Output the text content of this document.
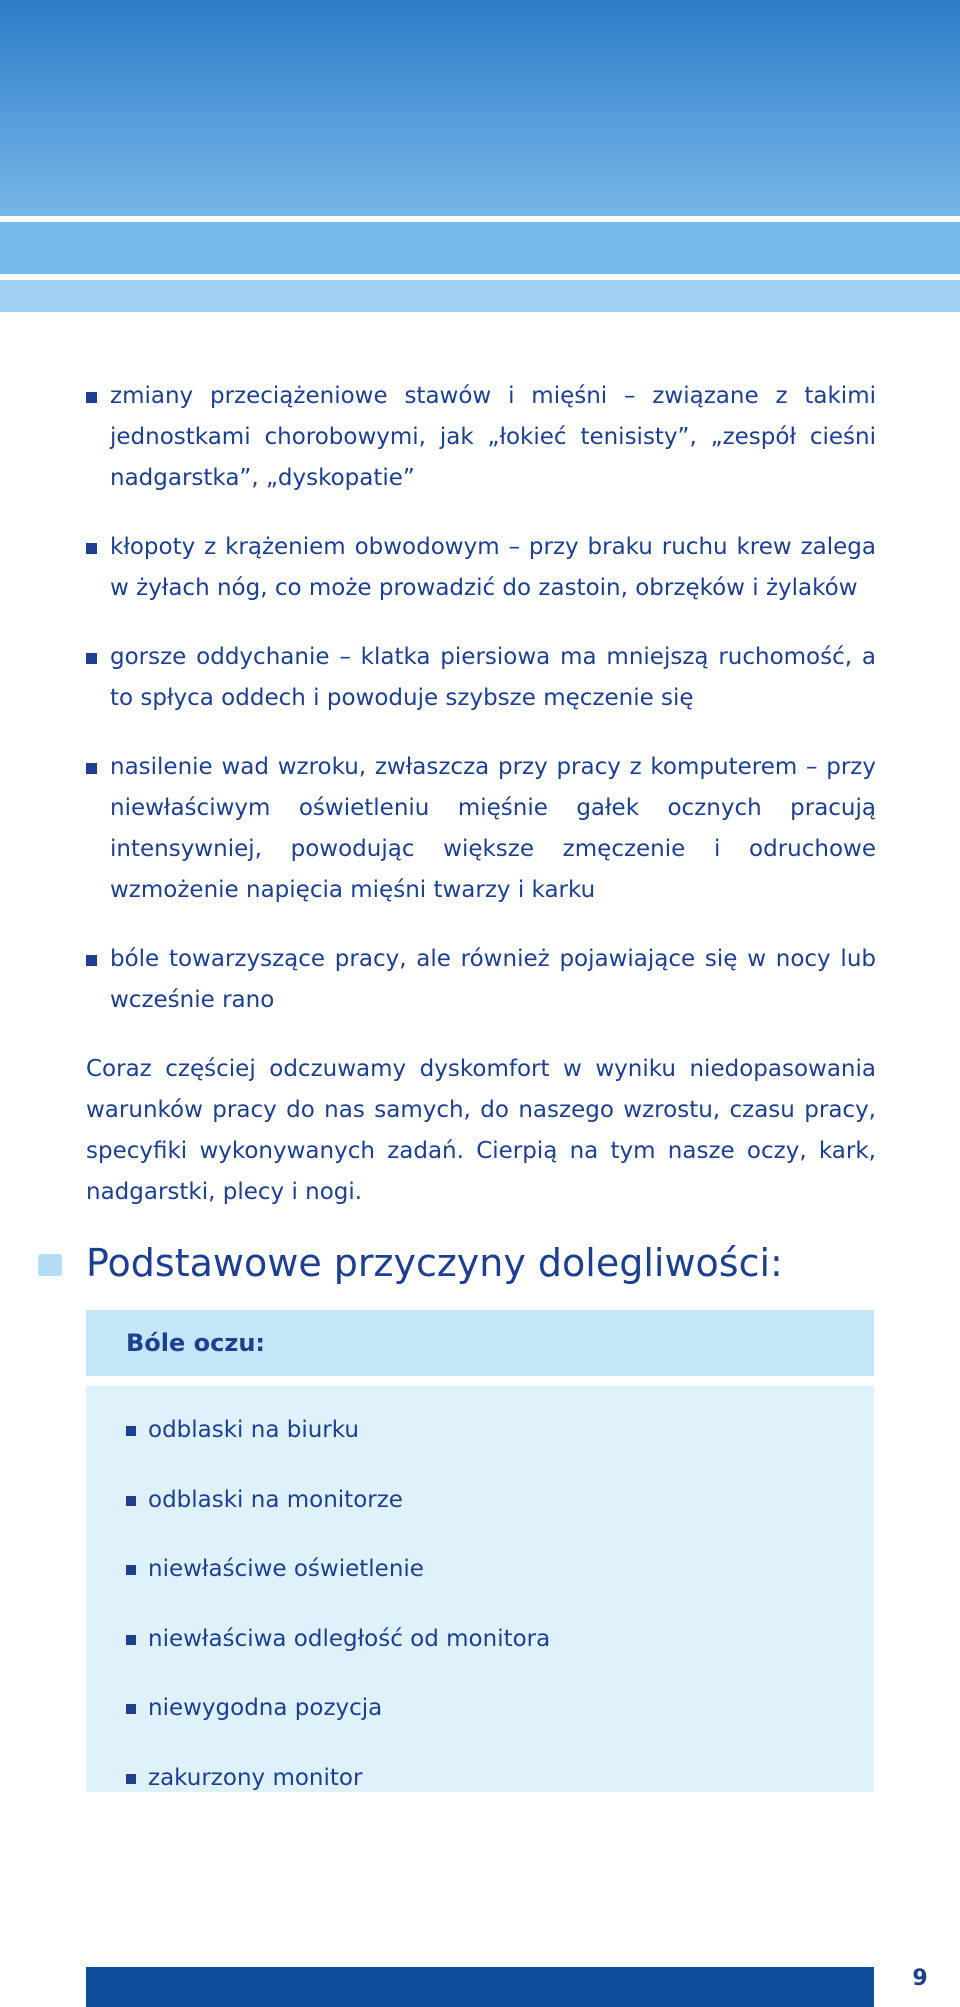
zmiany przeciążeniowe stawów i mięśni – związane z takimi jednostkami chorobowymi, jak „łokieć tenisisty”, „zespół cieśni nadgarstka”, „dyskopatie”
kłopoty z krążeniem obwodowym – przy braku ruchu krew zalega w żyłach nóg, co może prowadzić do zastoin, obrzęków i żylaków
gorsze oddychanie – klatka piersiowa ma mniejszą ruchomość, a to spłyca oddech i powoduje szybsze męczenie się
nasilenie wad wzroku, zwłaszcza przy pracy z komputerem – przy niewłaściwym oświetleniu mięśnie gałek ocznych pracują intensywniej, powodując większe zmęczenie i odruchowe wzmożenie napięcia mięśni twarzy i karku
bóle towarzyszące pracy, ale również pojawiające się w nocy lub wcześnie rano

Coraz częściej odczuwamy dyskomfort w wyniku niedopasowania warunków pracy do nas samych, do naszego wzrostu, czasu pracy, specyfiki wykonywanych zadań. Cierpią na tym nasze oczy, kark, nadgarstki, plecy i nogi.

Podstawowe przyczyny dolegliwości:
Bóle oczu:
odblaski na biurku
odblaski na monitorze
niewłaściwe oświetlenie
niewłaściwa odległość od monitora
niewygodna pozycja
zakurzony monitor
9
